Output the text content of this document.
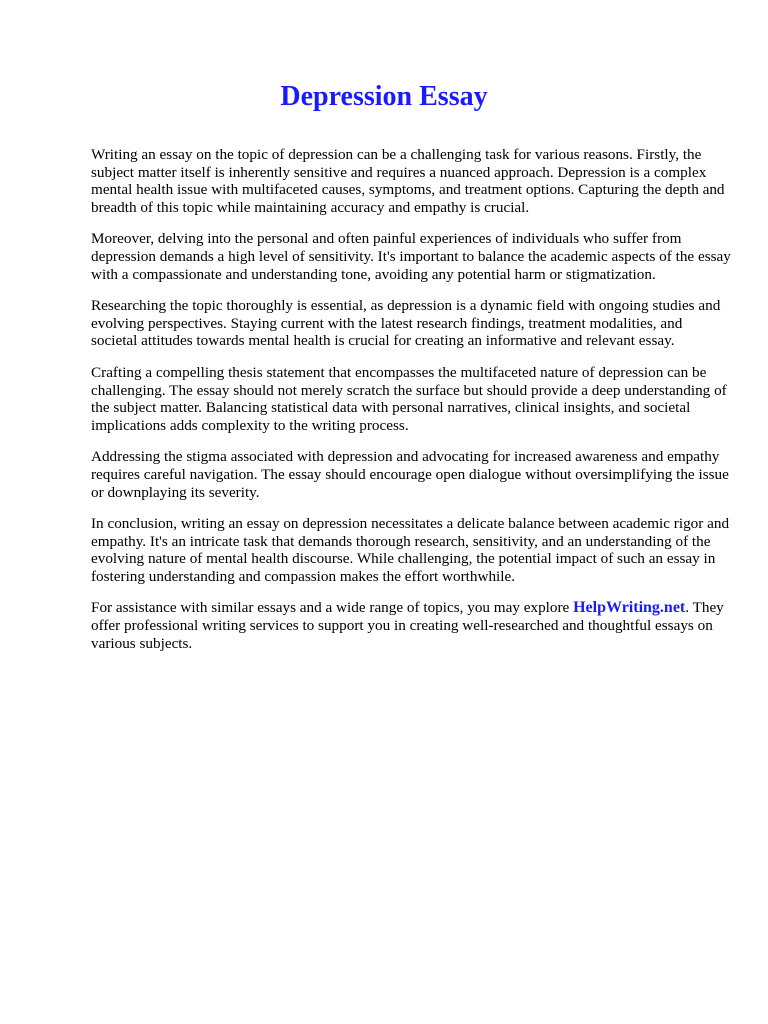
Depression Essay

Writing an essay on the topic of depression can be a challenging task for various reasons. Firstly, the subject matter itself is inherently sensitive and requires a nuanced approach. Depression is a complex mental health issue with multifaceted causes, symptoms, and treatment options. Capturing the depth and breadth of this topic while maintaining accuracy and empathy is crucial.

Moreover, delving into the personal and often painful experiences of individuals who suffer from depression demands a high level of sensitivity. It's important to balance the academic aspects of the essay with a compassionate and understanding tone, avoiding any potential harm or stigmatization.

Researching the topic thoroughly is essential, as depression is a dynamic field with ongoing studies and evolving perspectives. Staying current with the latest research findings, treatment modalities, and societal attitudes towards mental health is crucial for creating an informative and relevant essay.

Crafting a compelling thesis statement that encompasses the multifaceted nature of depression can be challenging. The essay should not merely scratch the surface but should provide a deep understanding of the subject matter. Balancing statistical data with personal narratives, clinical insights, and societal implications adds complexity to the writing process.

Addressing the stigma associated with depression and advocating for increased awareness and empathy requires careful navigation. The essay should encourage open dialogue without oversimplifying the issue or downplaying its severity.

In conclusion, writing an essay on depression necessitates a delicate balance between academic rigor and empathy. It's an intricate task that demands thorough research, sensitivity, and an understanding of the evolving nature of mental health discourse. While challenging, the potential impact of such an essay in fostering understanding and compassion makes the effort worthwhile.

For assistance with similar essays and a wide range of topics, you may explore HelpWriting.net. They offer professional writing services to support you in creating well-researched and thoughtful essays on various subjects.
